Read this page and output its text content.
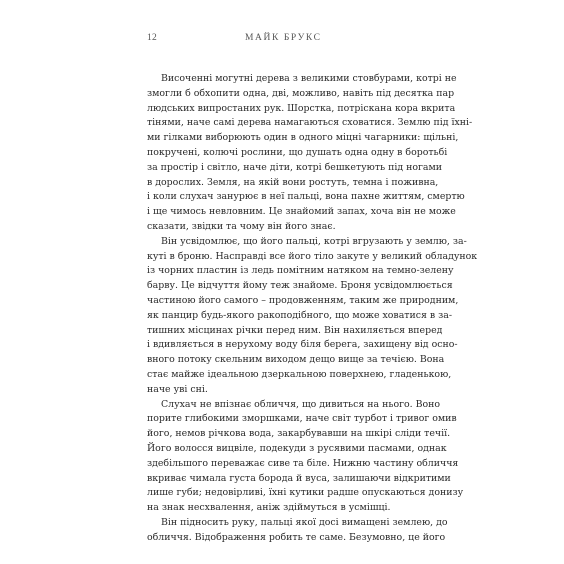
12	МАЙК БРУКС
Височенні могутні дерева з великими стовбурами, котрі не
змогли б обхопити одна, дві, можливо, навіть під десятка пар
людських випростаних рук. Шорстка, потріскана кора вкрита
тінями, наче самі дерева намагаються сховатися. Землю під їхні-
ми гілками виборюють один в одного міцні чагарники: щільні,
покручені, колючі рослини, що душать одна одну в боротьбі
за простір і світло, наче діти, котрі бешкетують під ногами
в дорослих. Земля, на якій вони ростуть, темна і поживна,
і коли слухач занурює в неї пальці, вона пахне життям, смертю
і ще чимось невловним. Це знайомий запах, хоча він не може
сказати, звідки та чому він його знає.
Він усвідомлює, що його пальці, котрі вгрузають у землю, за-
куті в броню. Насправді все його тіло закуте у великий обладунок
із чорних пластин із ледь помітним натяком на темно-зелену
барву. Це відчуття йому теж знайоме. Броня усвідомлюється
частиною його самого – продовженням, таким же природним,
як панцир будь-якого ракоподібного, що може ховатися в за-
тишних місцинах річки перед ним. Він нахиляється вперед
і вдивляється в нерухому воду біля берега, захищену від осно-
вного потоку скельним виходом дещо вище за течією. Вона
стає майже ідеальною дзеркальною поверхнею, гладенькою,
наче уві сні.
Слухач не впізнає обличчя, що дивиться на нього. Воно
порите глибокими зморшками, наче світ турбот і тривог омив
його, немов річкова вода, закарбувавши на шкірі сліди течії.
Його волосся вицвіле, подекуди з русявими пасмами, однак
здебільшого переважає сиве та біле. Нижню частину обличчя
вкриває чимала густа борода й вуса, залишаючи відкритими
лише губи; недовірливі, їхні кутики радше опускаються донизу
на знак несхвалення, аніж здіймуться в усмішці.
Він підносить руку, пальці якої досі вимащені землею, до
обличчя. Відображення робить те саме. Безумовно, це його
